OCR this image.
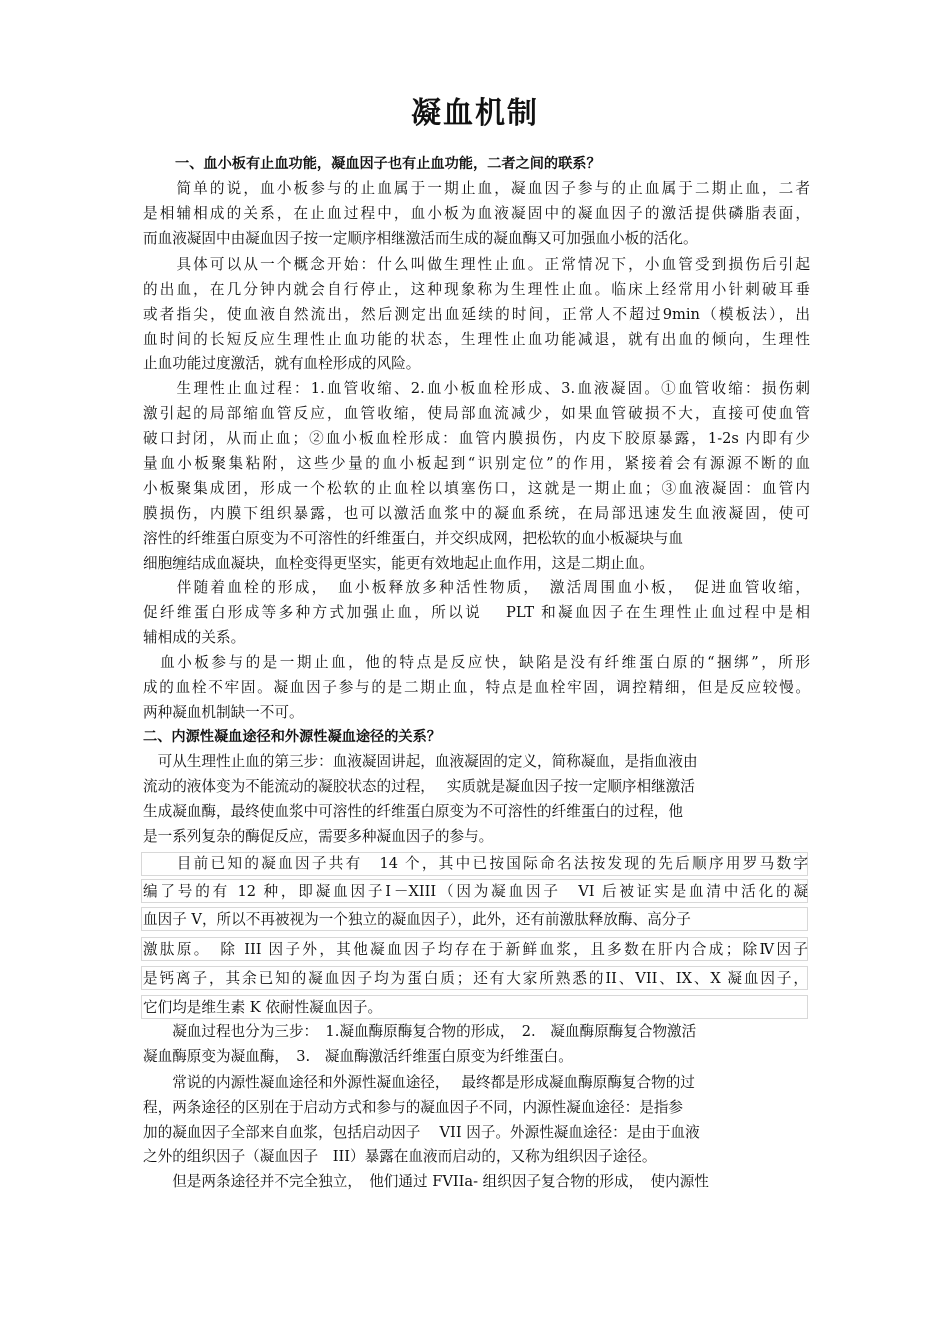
凝血机制
一、血小板有止血功能，凝血因子也有止血功能，二者之间的联系？
　　简单的说，血小板参与的止血属于一期止血，凝血因子参与的止血属于二期止血，二者
是相辅相成的关系，在止血过程中，血小板为血液凝固中的凝血因子的激活提供磷脂表面，
而血液凝固中由凝血因子按一定顺序相继激活而生成的凝血酶又可加强血小板的活化。
　　具体可以从一个概念开始：什么叫做生理性止血。正常情况下，小血管受到损伤后引起
的出血，在几分钟内就会自行停止，这种现象称为生理性止血。临床上经常用小针刺破耳垂
或者指尖，使血液自然流出，然后测定出血延续的时间，正常人不超过9min（模板法），出
血时间的长短反应生理性止血功能的状态，生理性止血功能减退，就有出血的倾向，生理性
止血功能过度激活，就有血栓形成的风险。
　　生理性止血过程：1.血管收缩、2.血小板血栓形成、3.血液凝固。①血管收缩：损伤刺
激引起的局部缩血管反应，血管收缩，使局部血流减少，如果血管破损不大，直接可使血管
破口封闭，从而止血；②血小板血栓形成：血管内膜损伤，内皮下胶原暴露，1-2s 内即有少
量血小板聚集粘附，这些少量的血小板起到“识别定位”的作用，紧接着会有源源不断的血
小板聚集成团，形成一个松软的止血栓以填塞伤口，这就是一期止血；③血液凝固：血管内
膜损伤，内膜下组织暴露，也可以激活血浆中的凝血系统，在局部迅速发生血液凝固，使可
溶性的纤维蛋白原变为不可溶性的纤维蛋白，并交织成网，把松软的血小板凝块与血
细胞缠结成血凝块，血栓变得更坚实，能更有效地起止血作用，这是二期止血。
　　伴随着血栓的形成，　血小板释放多种活性物质，　激活周围血小板，　促进血管收缩，
促纤维蛋白形成等多种方式加强止血，所以说　 PLT 和凝血因子在生理性止血过程中是相
辅相成的关系。
　血小板参与的是一期止血，他的特点是反应快，缺陷是没有纤维蛋白原的“捆绑”，所形
成的血栓不牢固。凝血因子参与的是二期止血，特点是血栓牢固，调控精细，但是反应较慢。
两种凝血机制缺一不可。
二、内源性凝血途径和外源性凝血途径的关系？
　可从生理性止血的第三步：血液凝固讲起，血液凝固的定义，简称凝血，是指血液由
流动的液体变为不能流动的凝胶状态的过程，　 实质就是凝血因子按一定顺序相继激活
生成凝血酶，最终使血浆中可溶性的纤维蛋白原变为不可溶性的纤维蛋白的过程，他
是一系列复杂的酶促反应，需要多种凝血因子的参与。
　　目前已知的凝血因子共有　14 个，其中已按国际命名法按发现的先后顺序用罗马数字
编了号的有 12 种，即凝血因子Ⅰ－XIII（因为凝血因子　VI 后被证实是血清中活化的凝
血因子 V，所以不再被视为一个独立的凝血因子），此外，还有前激肽释放酶、高分子
激肽原。　除 III 因子外，其他凝血因子均存在于新鲜血浆，且多数在肝内合成；除Ⅳ因子
是钙离子，其余已知的凝血因子均为蛋白质；还有大家所熟悉的II、VII、IX、X 凝血因子，
它们均是维生素 K 依耐性凝血因子。
　　凝血过程也分为三步：　1.凝血酶原酶复合物的形成，　2.　凝血酶原酶复合物激活
凝血酶原变为凝血酶，　3.　凝血酶激活纤维蛋白原变为纤维蛋白。
　　常说的内源性凝血途径和外源性凝血途径，　 最终都是形成凝血酶原酶复合物的过
程，两条途径的区别在于启动方式和参与的凝血因子不同，内源性凝血途径：是指参
加的凝血因子全部来自血浆，包括启动因子　 VII 因子。外源性凝血途径：是由于血液
之外的组织因子（凝血因子　III）暴露在血液而启动的，又称为组织因子途径。
　　但是两条途径并不完全独立，　他们通过 FVIIa- 组织因子复合物的形成，　使内源性
